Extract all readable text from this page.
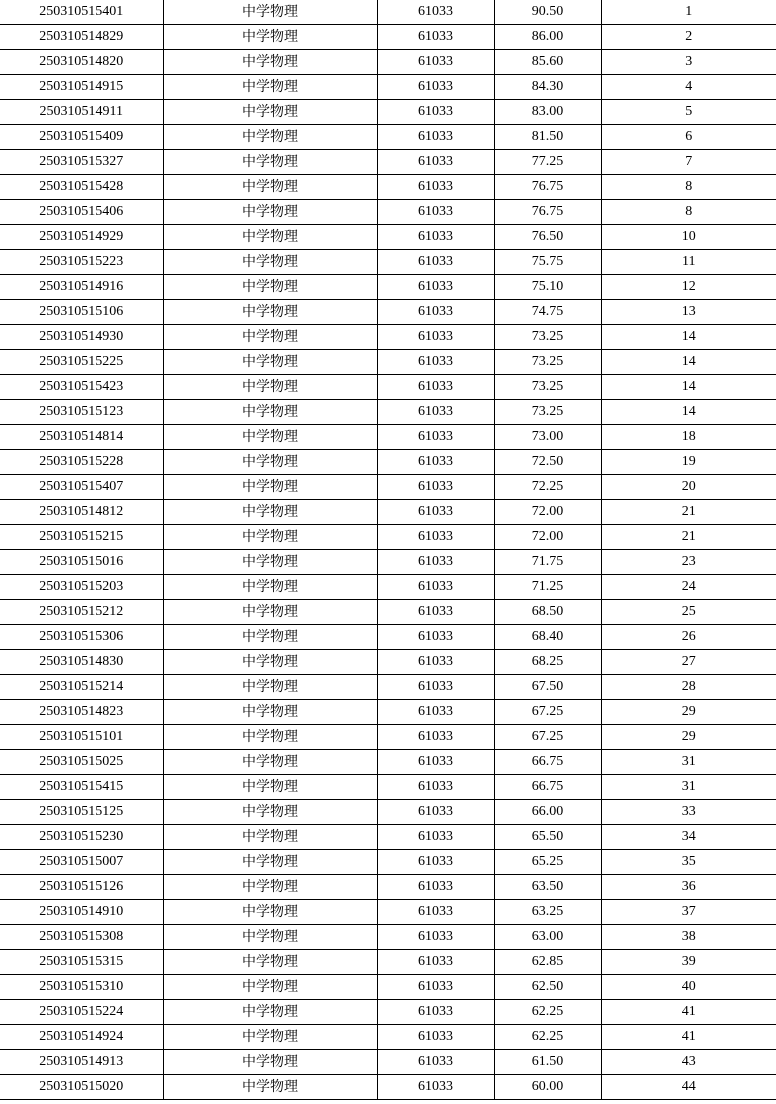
250310515401	中学物理	61033	90.50	1
250310514829	中学物理	61033	86.00	2
250310514820	中学物理	61033	85.60	3
250310514915	中学物理	61033	84.30	4
250310514911	中学物理	61033	83.00	5
250310515409	中学物理	61033	81.50	6
250310515327	中学物理	61033	77.25	7
250310515428	中学物理	61033	76.75	8
250310515406	中学物理	61033	76.75	8
250310514929	中学物理	61033	76.50	10
250310515223	中学物理	61033	75.75	11
250310514916	中学物理	61033	75.10	12
250310515106	中学物理	61033	74.75	13
250310514930	中学物理	61033	73.25	14
250310515225	中学物理	61033	73.25	14
250310515423	中学物理	61033	73.25	14
250310515123	中学物理	61033	73.25	14
250310514814	中学物理	61033	73.00	18
250310515228	中学物理	61033	72.50	19
250310515407	中学物理	61033	72.25	20
250310514812	中学物理	61033	72.00	21
250310515215	中学物理	61033	72.00	21
250310515016	中学物理	61033	71.75	23
250310515203	中学物理	61033	71.25	24
250310515212	中学物理	61033	68.50	25
250310515306	中学物理	61033	68.40	26
250310514830	中学物理	61033	68.25	27
250310515214	中学物理	61033	67.50	28
250310514823	中学物理	61033	67.25	29
250310515101	中学物理	61033	67.25	29
250310515025	中学物理	61033	66.75	31
250310515415	中学物理	61033	66.75	31
250310515125	中学物理	61033	66.00	33
250310515230	中学物理	61033	65.50	34
250310515007	中学物理	61033	65.25	35
250310515126	中学物理	61033	63.50	36
250310514910	中学物理	61033	63.25	37
250310515308	中学物理	61033	63.00	38
250310515315	中学物理	61033	62.85	39
250310515310	中学物理	61033	62.50	40
250310515224	中学物理	61033	62.25	41
250310514924	中学物理	61033	62.25	41
250310514913	中学物理	61033	61.50	43
250310515020	中学物理	61033	60.00	44
